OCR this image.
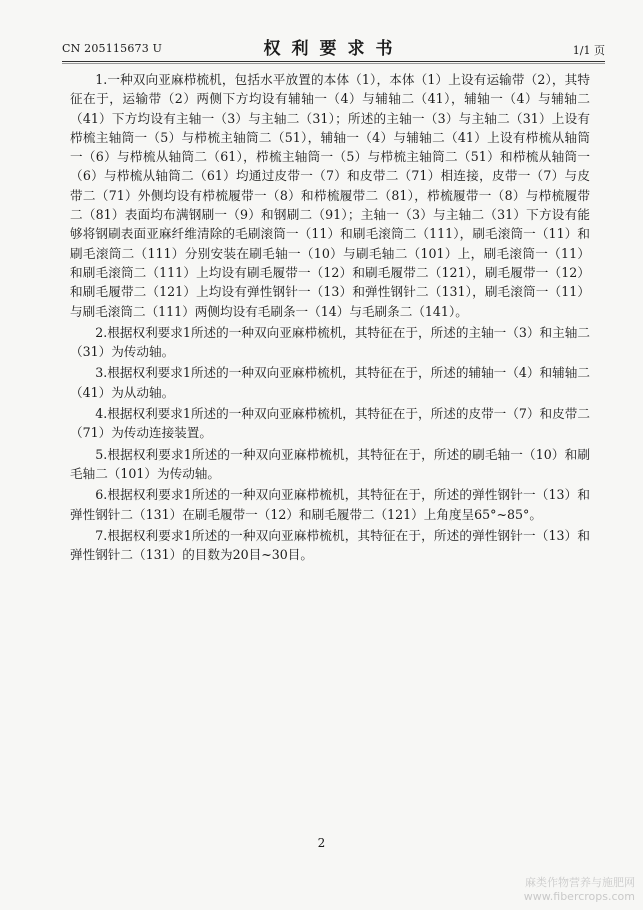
CN 205115673 U	权利要求书	1/1 页

1.一种双向亚麻栉梳机，包括水平放置的本体（1），本体（1）上设有运输带（2），其特征在于，运输带（2）两侧下方均设有辅轴一（4）与辅轴二（41），辅轴一（4）与辅轴二（41）下方均设有主轴一（3）与主轴二（31）；所述的主轴一（3）与主轴二（31）上设有栉梳主轴筒一（5）与栉梳主轴筒二（51），辅轴一（4）与辅轴二（41）上设有栉梳从轴筒一（6）与栉梳从轴筒二（61），栉梳主轴筒一（5）与栉梳主轴筒二（51）和栉梳从轴筒一（6）与栉梳从轴筒二（61）均通过皮带一（7）和皮带二（71）相连接，皮带一（7）与皮带二（71）外侧均设有栉梳履带一（8）和栉梳履带二（81），栉梳履带一（8）与栉梳履带二（81）表面均布满钢刷一（9）和钢刷二（91）；主轴一（3）与主轴二（31）下方设有能够将钢刷表面亚麻纤维清除的毛刷滚筒一（11）和刷毛滚筒二（111），刷毛滚筒一（11）和刷毛滚筒二（111）分别安装在刷毛轴一（10）与刷毛轴二（101）上，刷毛滚筒一（11）和刷毛滚筒二（111）上均设有刷毛履带一（12）和刷毛履带二（121），刷毛履带一（12）和刷毛履带二（121）上均设有弹性钢针一（13）和弹性钢针二（131），刷毛滚筒一（11）与刷毛滚筒二（111）两侧均设有毛刷条一（14）与毛刷条二（141）。

2.根据权利要求1所述的一种双向亚麻栉梳机，其特征在于，所述的主轴一（3）和主轴二（31）为传动轴。

3.根据权利要求1所述的一种双向亚麻栉梳机，其特征在于，所述的辅轴一（4）和辅轴二（41）为从动轴。

4.根据权利要求1所述的一种双向亚麻栉梳机，其特征在于，所述的皮带一（7）和皮带二（71）为传动连接装置。

5.根据权利要求1所述的一种双向亚麻栉梳机，其特征在于，所述的刷毛轴一（10）和刷毛轴二（101）为传动轴。

6.根据权利要求1所述的一种双向亚麻栉梳机，其特征在于，所述的弹性钢针一（13）和弹性钢针二（131）在刷毛履带一（12）和刷毛履带二（121）上角度呈65°~85°。

7.根据权利要求1所述的一种双向亚麻栉梳机，其特征在于，所述的弹性钢针一（13）和弹性钢针二（131）的目数为20目~30目。

2
麻类作物营养与施肥网
www.fibercrops.com
